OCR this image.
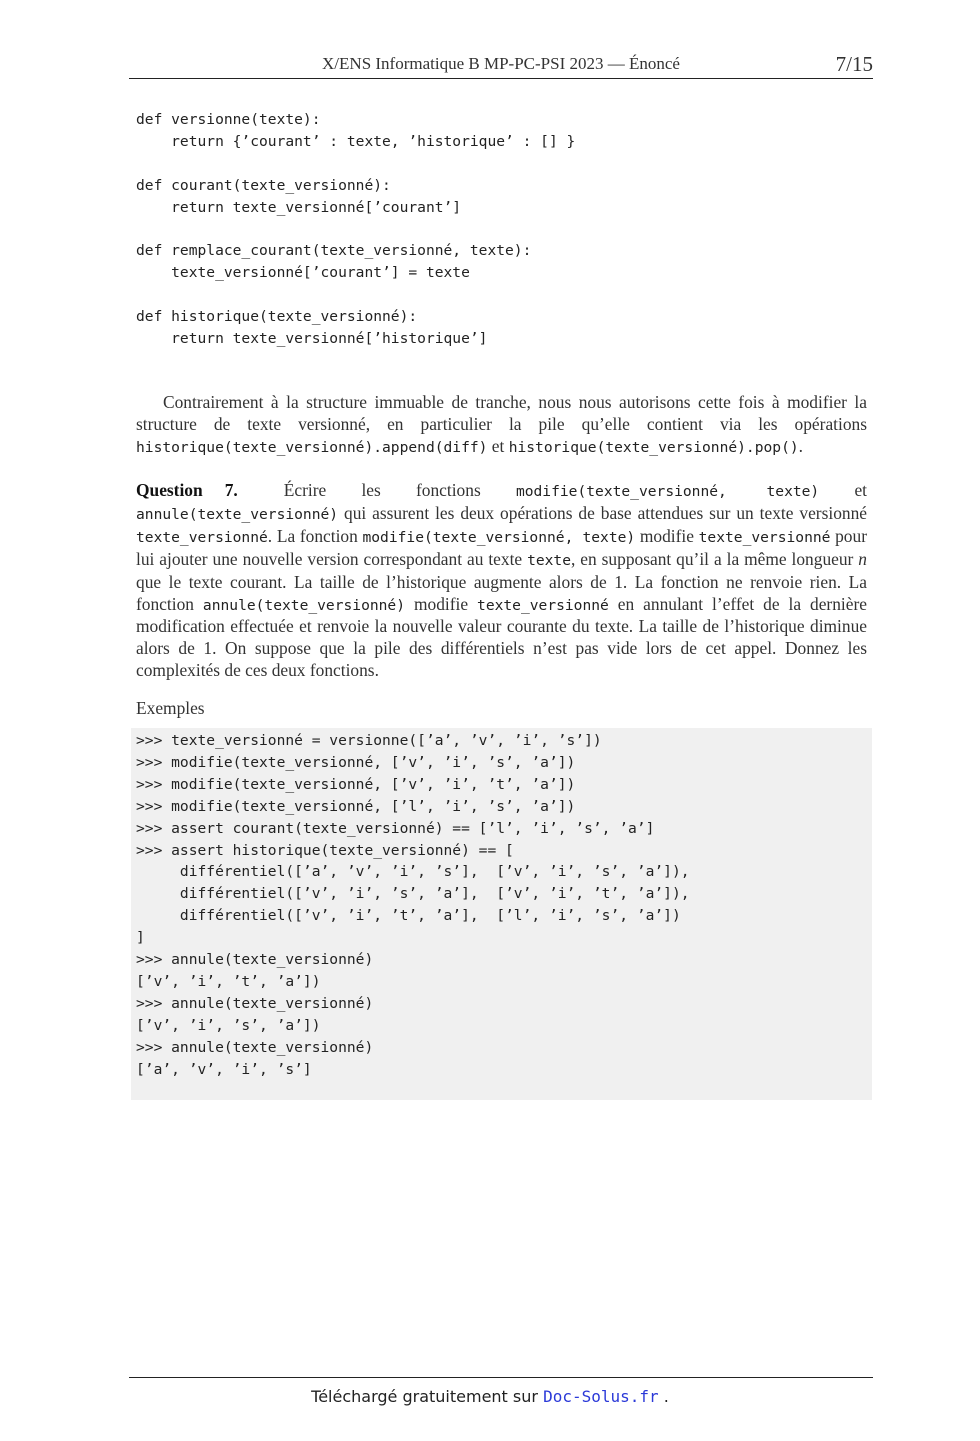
X/ENS Informatique B MP-PC-PSI 2023 — Énoncé	7/15
def versionne(texte):
return {’courant’ : texte, ’historique’ : [] }

def courant(texte_versionné):
return texte_versionné[’courant’]

def remplace_courant(texte_versionné, texte):
texte_versionné[’courant’] = texte

def historique(texte_versionné):
return texte_versionné[’historique’]

Contrairement à la structure immuable de tranche, nous nous autorisons cette fois à modifier la structure de texte versionné, en particulier la pile qu’elle contient via les opérations historique(texte_versionné).append(diff) et historique(texte_versionné).pop().

Question 7.	Écrire les fonctions modifie(texte_versionné, texte) et annule(texte_versionné) qui assurent les deux opérations de base attendues sur un texte versionné texte_versionné. La fonction modifie(texte_versionné, texte) modifie texte_versionné pour lui ajouter une nouvelle version correspondant au texte texte, en supposant qu’il a la même longueur n que le texte courant. La taille de l’historique augmente alors de 1. La fonction ne renvoie rien. La fonction annule(texte_versionné) modifie texte_versionné en annulant l’effet de la dernière modification effectuée et renvoie la nouvelle valeur courante du texte. La taille de l’historique diminue alors de 1. On suppose que la pile des différentiels n’est pas vide lors de cet appel. Donnez les complexités de ces deux fonctions.

Exemples
>>> texte_versionné = versionne([’a’, ’v’, ’i’, ’s’])
>>> modifie(texte_versionné, [’v’, ’i’, ’s’, ’a’])
>>> modifie(texte_versionné, [’v’, ’i’, ’t’, ’a’])
>>> modifie(texte_versionné, [’l’, ’i’, ’s’, ’a’])
>>> assert courant(texte_versionné) == [’l’, ’i’, ’s’, ’a’]
>>> assert historique(texte_versionné) == [
différentiel([’a’, ’v’, ’i’, ’s’],  [’v’, ’i’, ’s’, ’a’]),
différentiel([’v’, ’i’, ’s’, ’a’],  [’v’, ’i’, ’t’, ’a’]),
différentiel([’v’, ’i’, ’t’, ’a’],  [’l’, ’i’, ’s’, ’a’])
]
>>> annule(texte_versionné)
[’v’, ’i’, ’t’, ’a’])
>>> annule(texte_versionné)
[’v’, ’i’, ’s’, ’a’])
>>> annule(texte_versionné)
[’a’, ’v’, ’i’, ’s’]
Téléchargé gratuitement sur Doc-Solus.fr .
